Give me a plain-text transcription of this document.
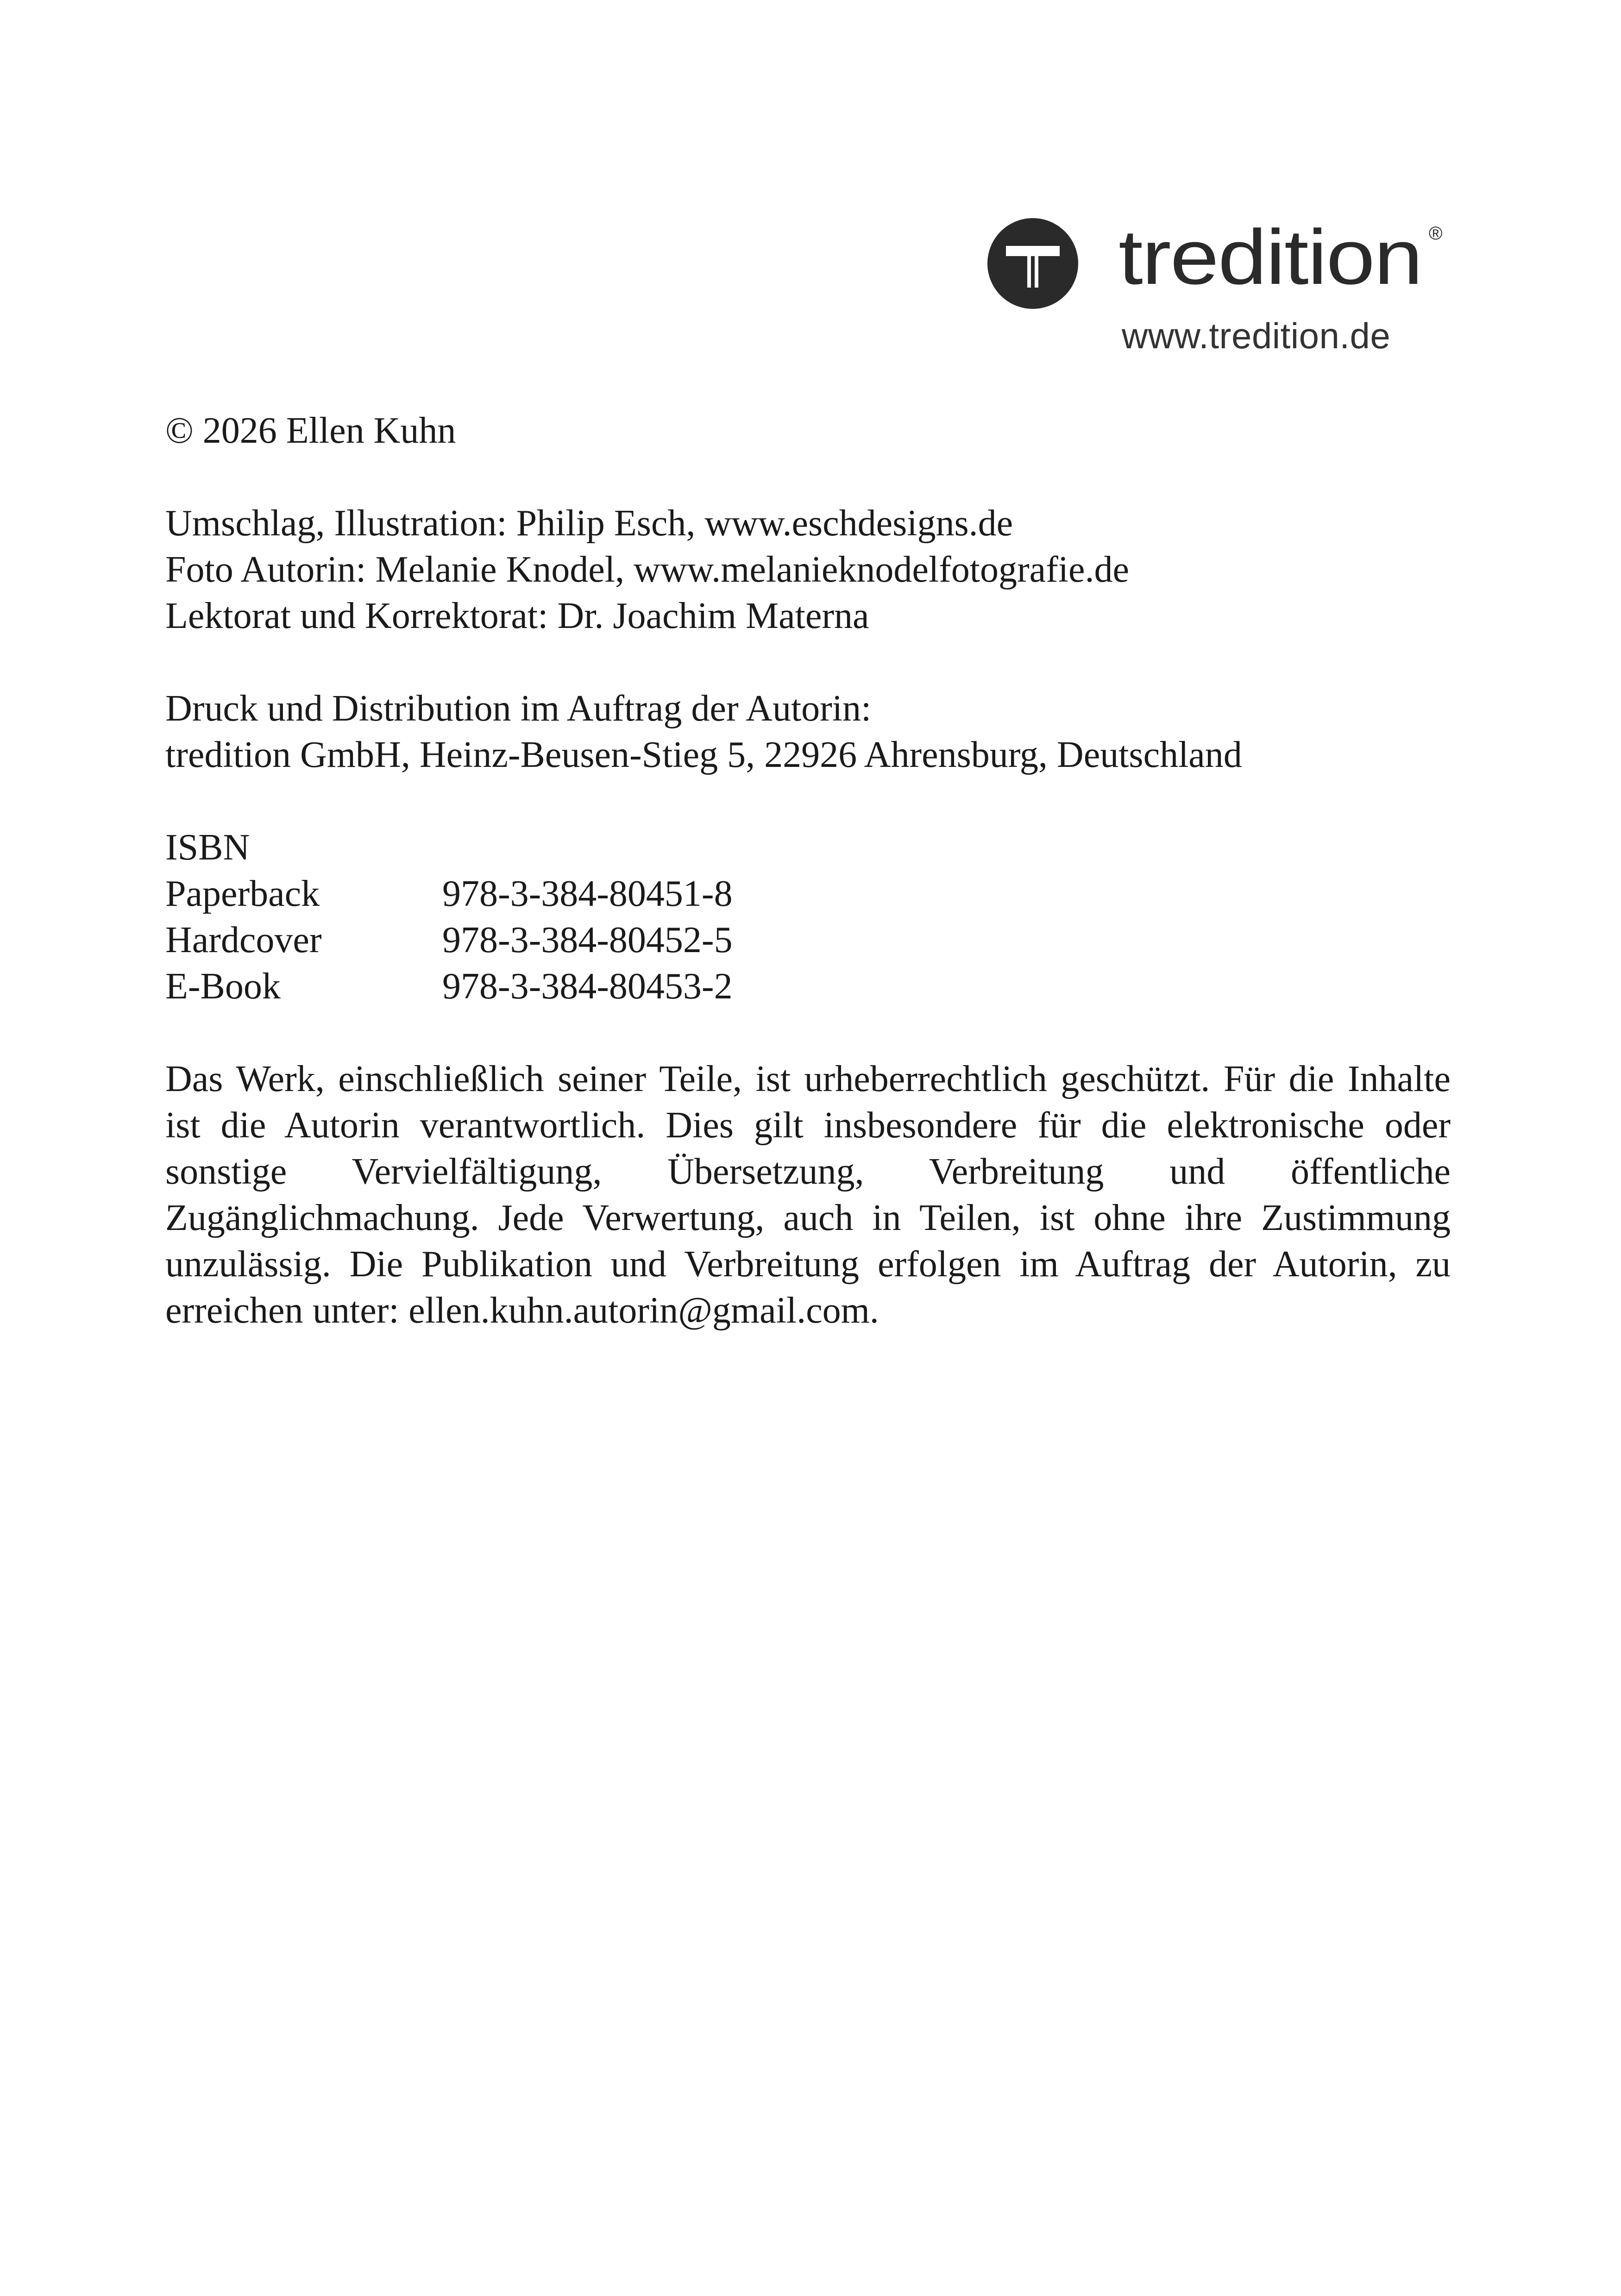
tredition ®
www.tredition.de
© 2026 Ellen Kuhn
Umschlag, Illustration: Philip Esch, www.eschdesigns.de
Foto Autorin: Melanie Knodel, www.melanieknodelfotografie.de
Lektorat und Korrektorat: Dr. Joachim Materna
Druck und Distribution im Auftrag der Autorin:
tredition GmbH, Heinz-Beusen-Stieg 5, 22926 Ahrensburg, Deutschland
ISBN
Paperback	978-3-384-80451-8
Hardcover	978-3-384-80452-5
E-Book	978-3-384-80453-2
Das Werk, einschließlich seiner Teile, ist urheberrechtlich geschützt. Für die Inhalte ist die Autorin verantwortlich. Dies gilt insbesondere für die elektronische oder sonstige Vervielfältigung, Übersetzung, Verbreitung und öffentliche Zugänglichmachung. Jede Verwertung, auch in Teilen, ist ohne ihre Zustimmung unzulässig. Die Publikation und Verbreitung erfolgen im Auftrag der Autorin, zu erreichen unter: ellen.kuhn.autorin@gmail.com.
